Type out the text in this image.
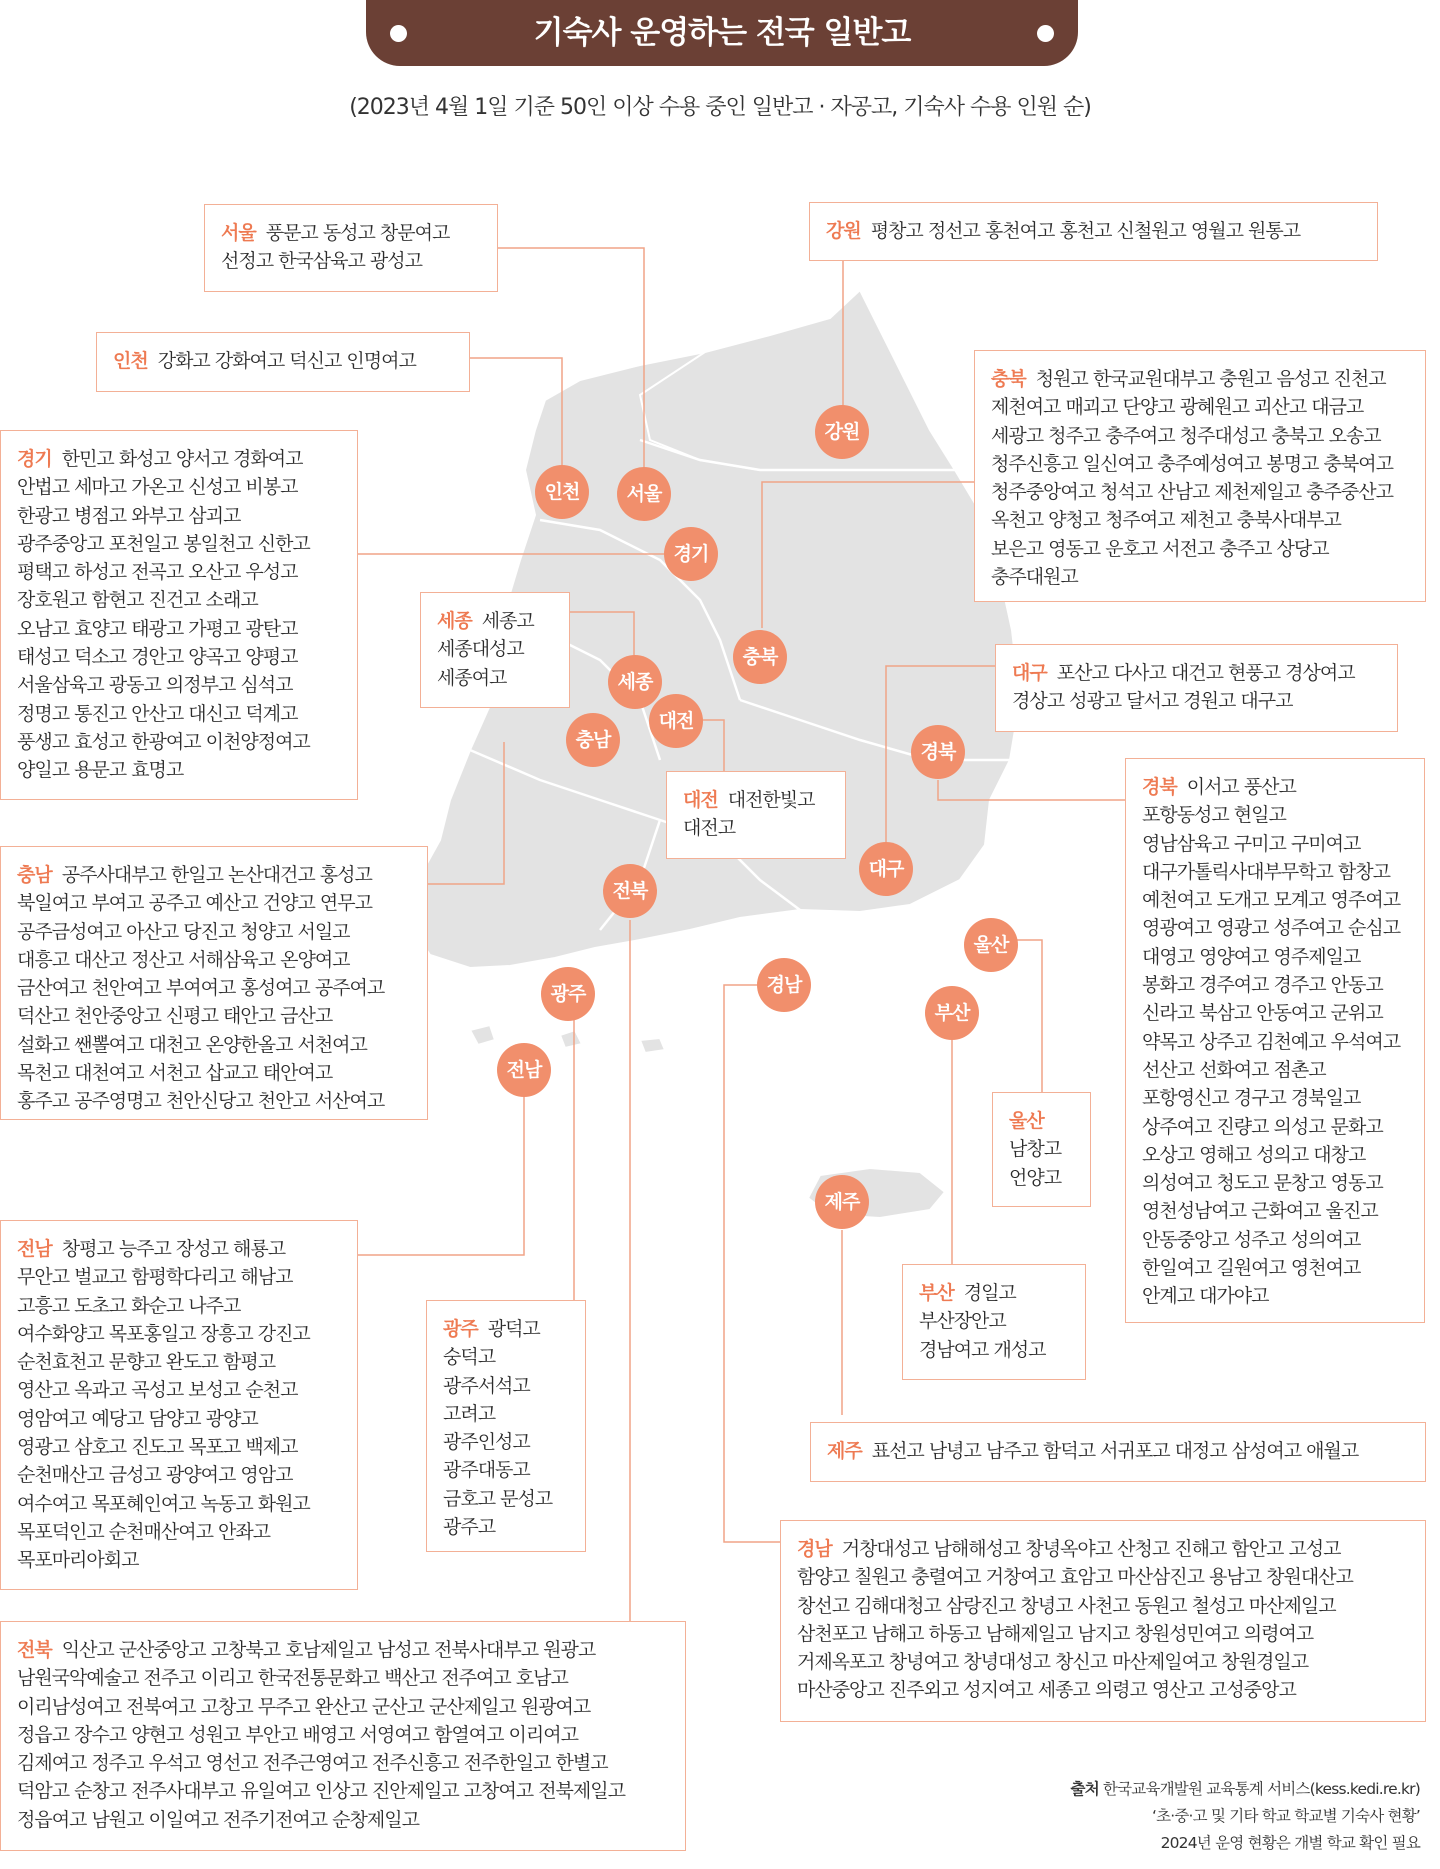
기숙사 운영하는 전국 일반고
(2023년 4월 1일 기준 50인 이상 수용 중인 일반고 · 자공고, 기숙사 수용 인원 순)
강원
인천	서울
경기
세종
충북
대전
충남
경북
대구
전북
울산
경남
광주
부산
전남
제주
서울 풍문고 동성고 창문여고
선정고 한국삼육고 광성고
인천 강화고 강화여고 덕신고 인명여고
강원 평창고 정선고 홍천여고 홍천고 신철원고 영월고 원통고
충북 청원고 한국교원대부고 충원고 음성고 진천고
제천여고 매괴고 단양고 광혜원고 괴산고 대금고
세광고 청주고 충주여고 청주대성고 충북고 오송고
청주신흥고 일신여고 충주예성여고 봉명고 충북여고
청주중앙여고 청석고 산남고 제천제일고 충주중산고
옥천고 양청고 청주여고 제천고 충북사대부고
보은고 영동고 운호고 서전고 충주고 상당고
충주대원고
경기 한민고 화성고 양서고 경화여고
안법고 세마고 가온고 신성고 비봉고
한광고 병점고 와부고 삼괴고
광주중앙고 포천일고 봉일천고 신한고
평택고 하성고 전곡고 오산고 우성고
장호원고 함현고 진건고 소래고
오남고 효양고 태광고 가평고 광탄고
태성고 덕소고 경안고 양곡고 양평고
서울삼육고 광동고 의정부고 심석고
정명고 통진고 안산고 대신고 덕계고
풍생고 효성고 한광여고 이천양정여고
양일고 용문고 효명고
세종 세종고
세종대성고
세종여고	대구 포산고 다사고 대건고 현풍고 경상여고
경상고 성광고 달서고 경원고 대구고
대전 대전한빛고
대전고
경북 이서고 풍산고
포항동성고 현일고
영남삼육고 구미고 구미여고
대구가톨릭사대부무학고 함창고
예천여고 도개고 모계고 영주여고
영광여고 영광고 성주여고 순심고
대영고 영양여고 영주제일고
봉화고 경주여고 경주고 안동고
신라고 북삼고 안동여고 군위고
약목고 상주고 김천예고 우석여고
선산고 선화여고 점촌고
포항영신고 경구고 경북일고
상주여고 진량고 의성고 문화고
오상고 영해고 성의고 대창고
의성여고 청도고 문창고 영동고
영천성남여고 근화여고 울진고
안동중앙고 성주고 성의여고
한일여고 길원여고 영천여고
안계고 대가야고
충남 공주사대부고 한일고 논산대건고 홍성고
북일여고 부여고 공주고 예산고 건양고 연무고
공주금성여고 아산고 당진고 청양고 서일고
대흥고 대산고 정산고 서해삼육고 온양여고
금산여고 천안여고 부여여고 홍성여고 공주여고
덕산고 천안중앙고 신평고 태안고 금산고
설화고 쌘뽈여고 대천고 온양한올고 서천여고
목천고 대천여고 서천고 삽교고 태안여고
홍주고 공주영명고 천안신당고 천안고 서산여고
울산
남창고
언양고
부산 경일고
부산장안고
경남여고 개성고
제주 표선고 남녕고 남주고 함덕고 서귀포고 대정고 삼성여고 애월고
전남 창평고 능주고 장성고 해룡고
무안고 벌교고 함평학다리고 해남고
고흥고 도초고 화순고 나주고
여수화양고 목포홍일고 장흥고 강진고
순천효천고 문향고 완도고 함평고
영산고 옥과고 곡성고 보성고 순천고
영암여고 예당고 담양고 광양고
영광고 삼호고 진도고 목포고 백제고
순천매산고 금성고 광양여고 영암고
여수여고 목포혜인여고 녹동고 화원고
목포덕인고 순천매산여고 안좌고
목포마리아회고
광주 광덕고
숭덕고
광주서석고
고려고
광주인성고
광주대동고
금호고 문성고
광주고
경남 거창대성고 남해해성고 창녕옥야고 산청고 진해고 함안고 고성고
함양고 칠원고 충렬여고 거창여고 효암고 마산삼진고 용남고 창원대산고
창선고 김해대청고 삼랑진고 창녕고 사천고 동원고 철성고 마산제일고
삼천포고 남해고 하동고 남해제일고 남지고 창원성민여고 의령여고
거제옥포고 창녕여고 창녕대성고 창신고 마산제일여고 창원경일고
마산중앙고 진주외고 성지여고 세종고 의령고 영산고 고성중앙고
전북 익산고 군산중앙고 고창북고 호남제일고 남성고 전북사대부고 원광고
남원국악예술고 전주고 이리고 한국전통문화고 백산고 전주여고 호남고
이리남성여고 전북여고 고창고 무주고 완산고 군산고 군산제일고 원광여고
정읍고 장수고 양현고 성원고 부안고 배영고 서영여고 함열여고 이리여고
김제여고 정주고 우석고 영선고 전주근영여고 전주신흥고 전주한일고 한별고
덕암고 순창고 전주사대부고 유일여고 인상고 진안제일고 고창여고 전북제일고
정읍여고 남원고 이일여고 전주기전여고 순창제일고
출처 한국교육개발원 교육통계 서비스(kess.kedi.re.kr)
‘초·중·고 및 기타 학교 학교별 기숙사 현황’
2024년 운영 현황은 개별 학교 확인 필요
